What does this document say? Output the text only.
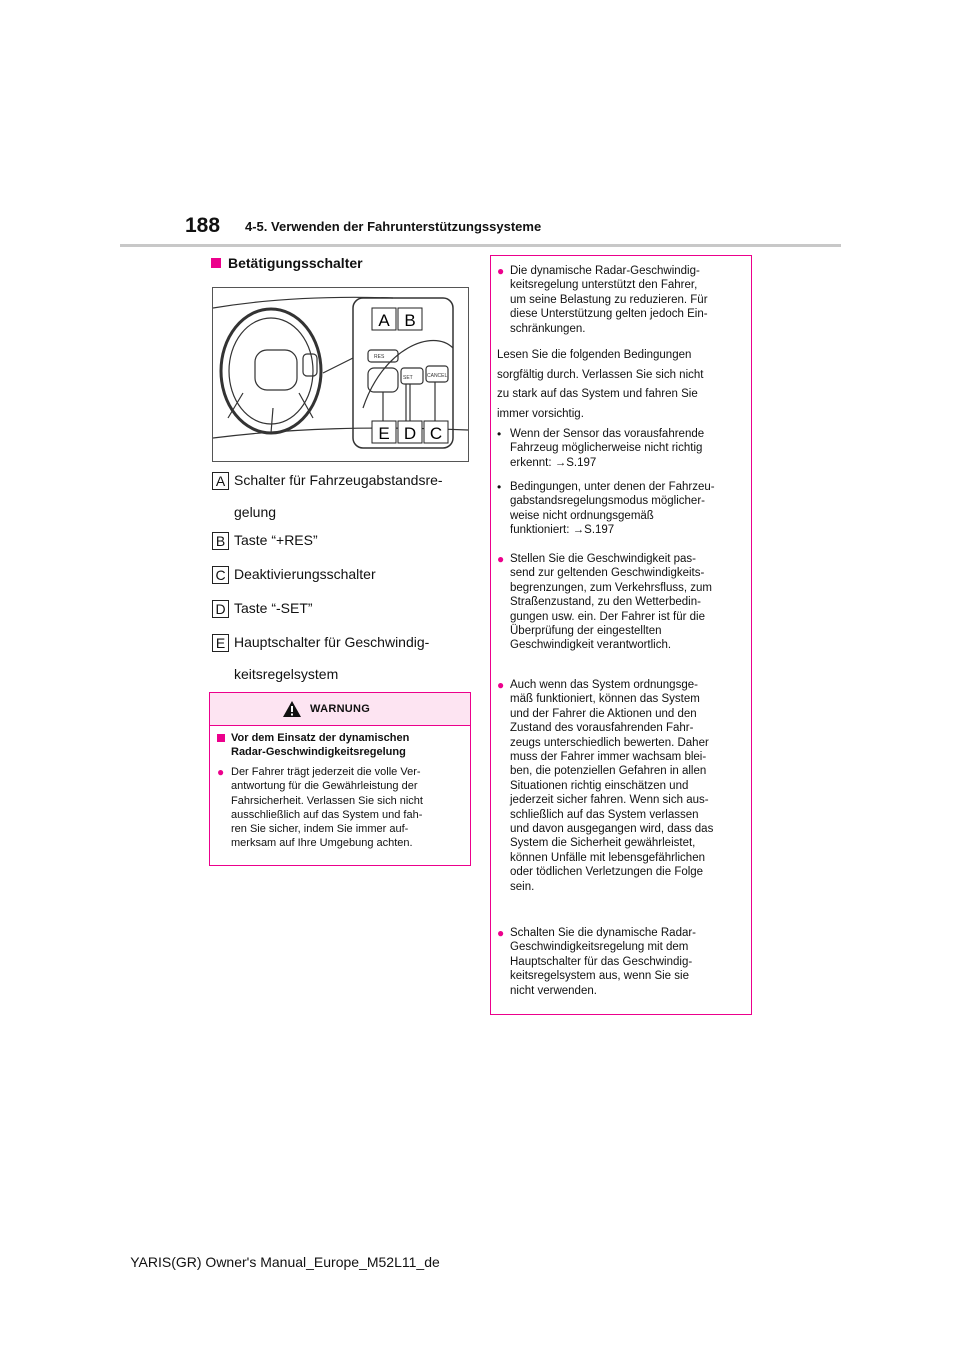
188 4-5. Verwenden der Fahrunterstützungssysteme
Betätigungsschalter
RES
SET	CANCEL
A B
E D C
A Schalter für Fahrzeugabstandsre-
gelung
B Taste “+RES”
C Deaktivierungsschalter
D Taste “-SET”
E Hauptschalter für Geschwindig-
keitsregelsystem
WARNUNG
Vor dem Einsatz der dynamischen
Radar-Geschwindigkeitsregelung
● Der Fahrer trägt jederzeit die volle Ver-
antwortung für die Gewährleistung der
Fahrsicherheit. Verlassen Sie sich nicht
ausschließlich auf das System und fah-
ren Sie sicher, indem Sie immer auf-
merksam auf Ihre Umgebung achten.
● Die dynamische Radar-Geschwindig-
keitsregelung unterstützt den Fahrer,
um seine Belastung zu reduzieren. Für
diese Unterstützung gelten jedoch Ein-
schränkungen.
Lesen Sie die folgenden Bedingungen
sorgfältig durch. Verlassen Sie sich nicht
zu stark auf das System und fahren Sie
immer vorsichtig.
• Wenn der Sensor das vorausfahrende
Fahrzeug möglicherweise nicht richtig
erkennt: →S.197
• Bedingungen, unter denen der Fahrzeu-
gabstandsregelungsmodus möglicher-
weise nicht ordnungsgemäß
funktioniert: →S.197
● Stellen Sie die Geschwindigkeit pas-
send zur geltenden Geschwindigkeits-
begrenzungen, zum Verkehrsfluss, zum
Straßenzustand, zu den Wetterbedin-
gungen usw. ein. Der Fahrer ist für die
Überprüfung der eingestellten
Geschwindigkeit verantwortlich.
● Auch wenn das System ordnungsge-
mäß funktioniert, können das System
und der Fahrer die Aktionen und den
Zustand des vorausfahrenden Fahr-
zeugs unterschiedlich bewerten. Daher
muss der Fahrer immer wachsam blei-
ben, die potenziellen Gefahren in allen
Situationen richtig einschätzen und
jederzeit sicher fahren. Wenn sich aus-
schließlich auf das System verlassen
und davon ausgegangen wird, dass das
System die Sicherheit gewährleistet,
können Unfälle mit lebensgefährlichen
oder tödlichen Verletzungen die Folge
sein.
● Schalten Sie die dynamische Radar-
Geschwindigkeitsregelung mit dem
Hauptschalter für das Geschwindig-
keitsregelsystem aus, wenn Sie sie
nicht verwenden.
YARIS(GR) Owner's Manual_Europe_M52L11_de
